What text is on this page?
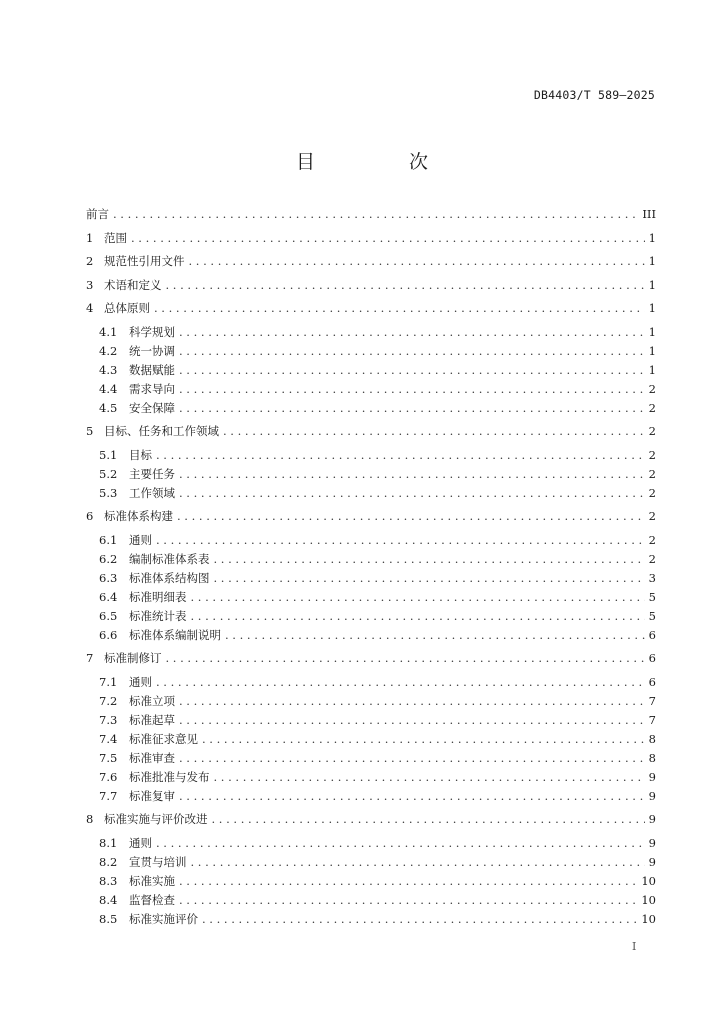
DB4403/T 589—2025
目 次
前言 . . .	III
1 范围 . . .	1
2 规范性引用文件 . . .	1
3 术语和定义 . . .	1
4 总体原则 . . .	1
4.1	科学规划 . . .	1
4.2	统一协调 . . .	1
4.3	数据赋能 . . .	1
4.4	需求导向 . . .	2
4.5	安全保障 . . .	2
5 目标、任务和工作领域 . . .	2
5.1	目标 . . .	2
5.2	主要任务 . . .	2
5.3	工作领域 . . .	2
6 标准体系构建 . . .	2
6.1	通则 . . .	2
6.2	编制标准体系表 . . .	2
6.3	标准体系结构图 . . .	3
6.4	标准明细表 . . .	5
6.5	标准统计表 . . .	5
6.6	标准体系编制说明 . . .	6
7 标准制修订 . . .	6
7.1	通则 . . .	6
7.2	标准立项 . . .	7
7.3	标准起草 . . .	7
7.4	标准征求意见 . . .	8
7.5	标准审查 . . .	8
7.6	标准批准与发布 . . .	9
7.7	标准复审 . . .	9
8 标准实施与评价改进 . . .	9
8.1	通则 . . .	9
8.2	宣贯与培训 . . .	9
8.3	标准实施 . . .	10
8.4	监督检查 . . .	10
8.5	标准实施评价 . . .	10
I
